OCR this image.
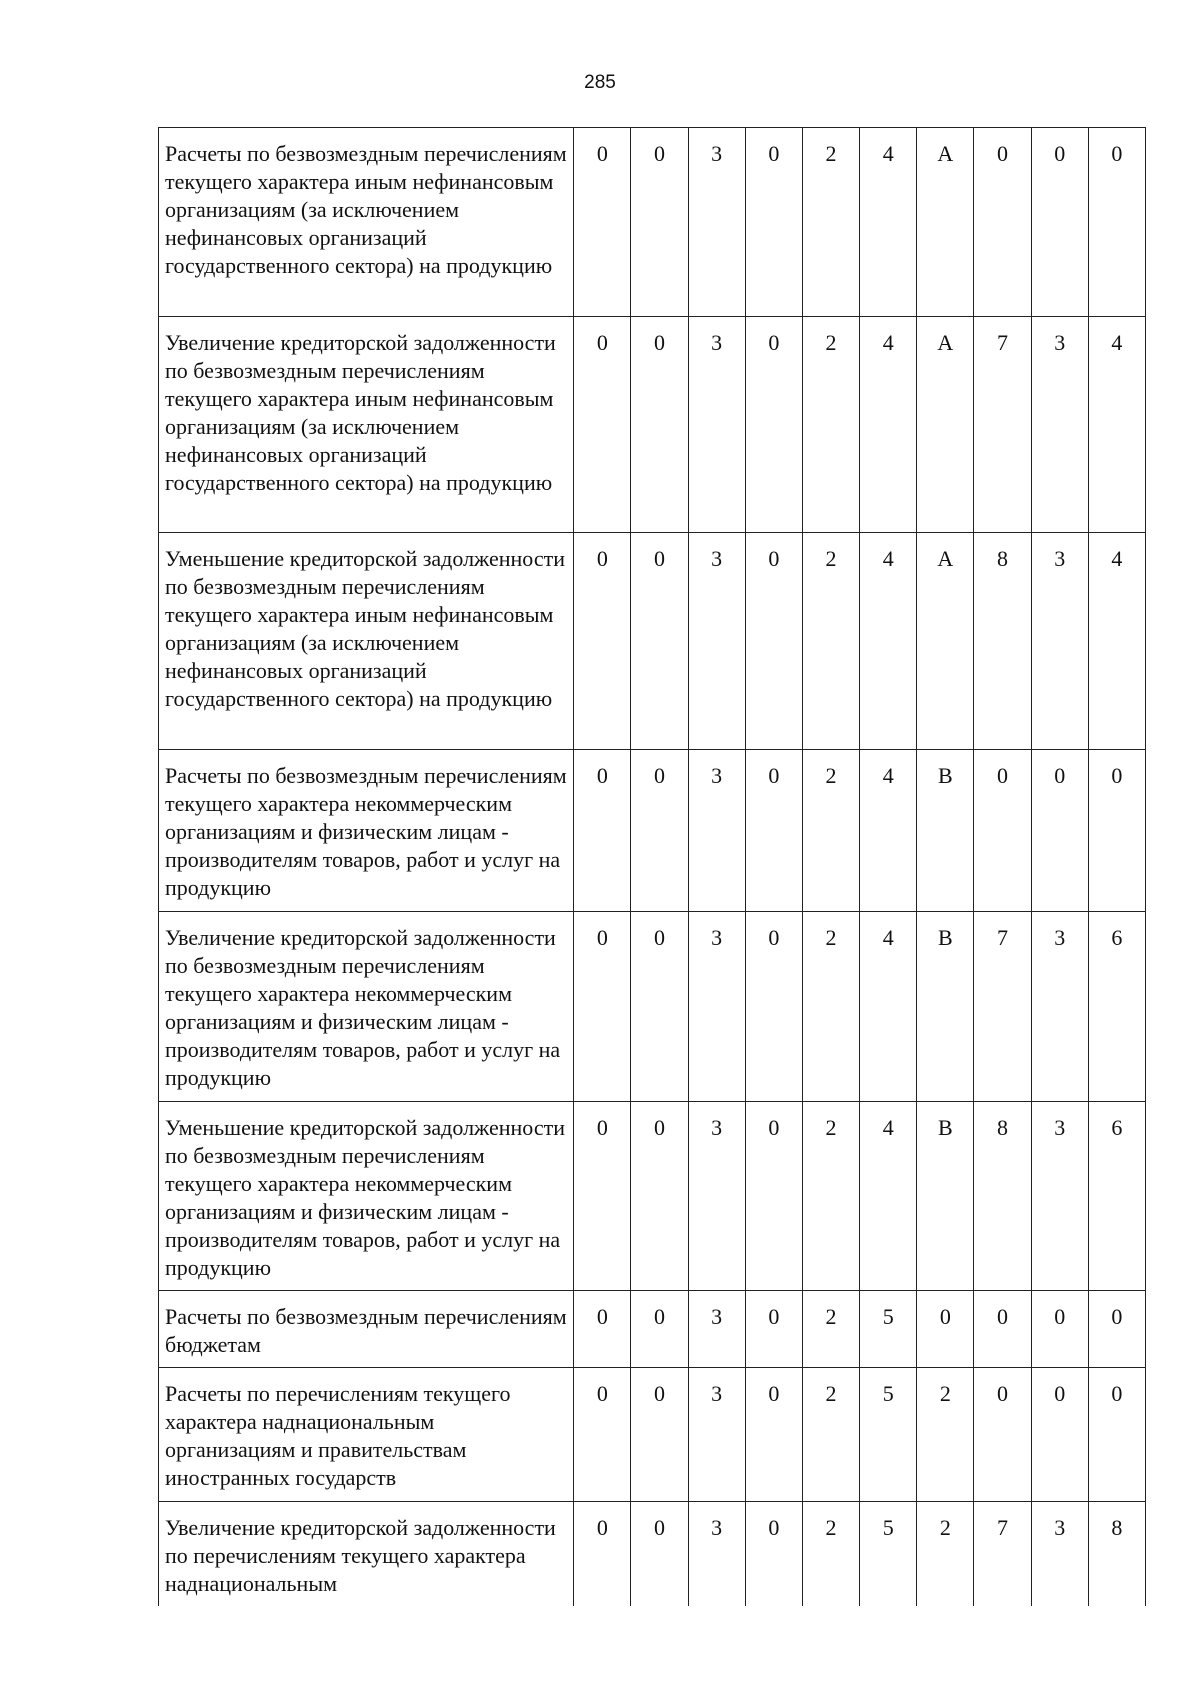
285
Расчеты по безвозмездным перечислениям текущего характера иным нефинансовым организациям (за исключением нефинансовых организаций государственного сектора) на продукцию	0	0	3	0	2	4	A	0	0	0
Увеличение кредиторской задолженности по безвозмездным перечислениям текущего характера иным нефинансовым организациям (за исключением нефинансовых организаций государственного сектора) на продукцию	0	0	3	0	2	4	A	7	3	4
Уменьшение кредиторской задолженности по безвозмездным перечислениям текущего характера иным нефинансовым организациям (за исключением нефинансовых организаций государственного сектора) на продукцию	0	0	3	0	2	4	A	8	3	4
Расчеты по безвозмездным перечислениям текущего характера некоммерческим организациям и физическим лицам - производителям товаров, работ и услуг на продукцию	0	0	3	0	2	4	B	0	0	0
Увеличение кредиторской задолженности по безвозмездным перечислениям текущего характера некоммерческим организациям и физическим лицам - производителям товаров, работ и услуг на продукцию	0	0	3	0	2	4	B	7	3	6
Уменьшение кредиторской задолженности по безвозмездным перечислениям текущего характера некоммерческим организациям и физическим лицам - производителям товаров, работ и услуг на продукцию	0	0	3	0	2	4	B	8	3	6
Расчеты по безвозмездным перечислениям бюджетам	0	0	3	0	2	5	0	0	0	0
Расчеты по перечислениям текущего характера наднациональным организациям и правительствам иностранных государств	0	0	3	0	2	5	2	0	0	0
Увеличение кредиторской задолженности по перечислениям текущего характера наднациональным	0	0	3	0	2	5	2	7	3	8
